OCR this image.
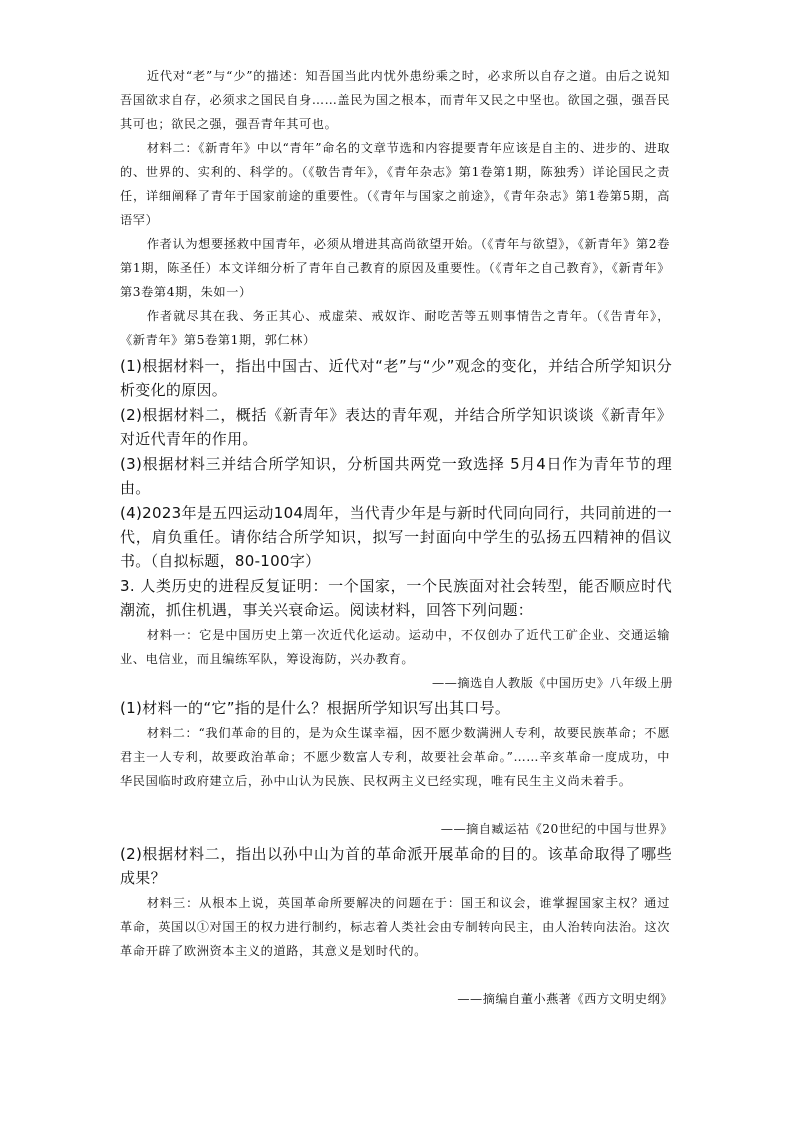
近代对“老”与“少”的描述：知吾国当此内忧外患纷乘之时，必求所以自存之道。由后之说知吾国欲求自存，必须求之国民自身……盖民为国之根本，而青年又民之中坚也。欲国之强，强吾民其可也；欲民之强，强吾青年其可也。

材料二：《新青年》中以“青年”命名的文章节选和内容提要青年应该是自主的、进步的、进取的、世界的、实利的、科学的。（《敬告青年》，《青年杂志》第1卷第1期，陈独秀）详论国民之责任，详细阐释了青年于国家前途的重要性。（《青年与国家之前途》，《青年杂志》第1卷第5期，高语罕）

作者认为想要拯救中国青年，必须从增进其高尚欲望开始。（《青年与欲望》，《新青年》第2卷第1期，陈圣任）本文详细分析了青年自己教育的原因及重要性。（《青年之自己教育》，《新青年》第3卷第4期，朱如一）

作者就尽其在我、务正其心、戒虚荣、戒奴诈、耐吃苦等五则事情告之青年。（《告青年》，《新青年》第5卷第1期，郭仁林）

(1)根据材料一，指出中国古、近代对“老”与“少”观念的变化，并结合所学知识分析变化的原因。

(2)根据材料二，概括《新青年》表达的青年观，并结合所学知识谈谈《新青年》对近代青年的作用。

(3)根据材料三并结合所学知识，分析国共两党一致选择 5月4日作为青年节的理由。

(4)2023年是五四运动104周年，当代青少年是与新时代同向同行，共同前进的一代，肩负重任。请你结合所学知识，拟写一封面向中学生的弘扬五四精神的倡议书。（自拟标题，80-100字）

3. 人类历史的进程反复证明：一个国家，一个民族面对社会转型，能否顺应时代潮流，抓住机遇，事关兴衰命运。阅读材料，回答下列问题：

材料一：它是中国历史上第一次近代化运动。运动中，不仅创办了近代工矿企业、交通运输业、电信业，而且编练军队，筹设海防，兴办教育。

——摘选自人教版《中国历史》八年级上册

(1)材料一的“它”指的是什么？根据所学知识写出其口号。

材料二：“我们革命的目的，是为众生谋幸福，因不愿少数满洲人专利，故要民族革命；不愿君主一人专利，故要政治革命；不愿少数富人专利，故要社会革命。”……辛亥革命一度成功，中华民国临时政府建立后，孙中山认为民族、民权两主义已经实现，唯有民生主义尚未着手。

——摘自臧运祜《20世纪的中国与世界》

(2)根据材料二，指出以孙中山为首的革命派开展革命的目的。该革命取得了哪些成果？

材料三：从根本上说，英国革命所要解决的问题在于：国王和议会，谁掌握国家主权？通过革命，英国以①对国王的权力进行制约，标志着人类社会由专制转向民主，由人治转向法治。这次革命开辟了欧洲资本主义的道路，其意义是划时代的。

——摘编自董小燕著《西方文明史纲》
